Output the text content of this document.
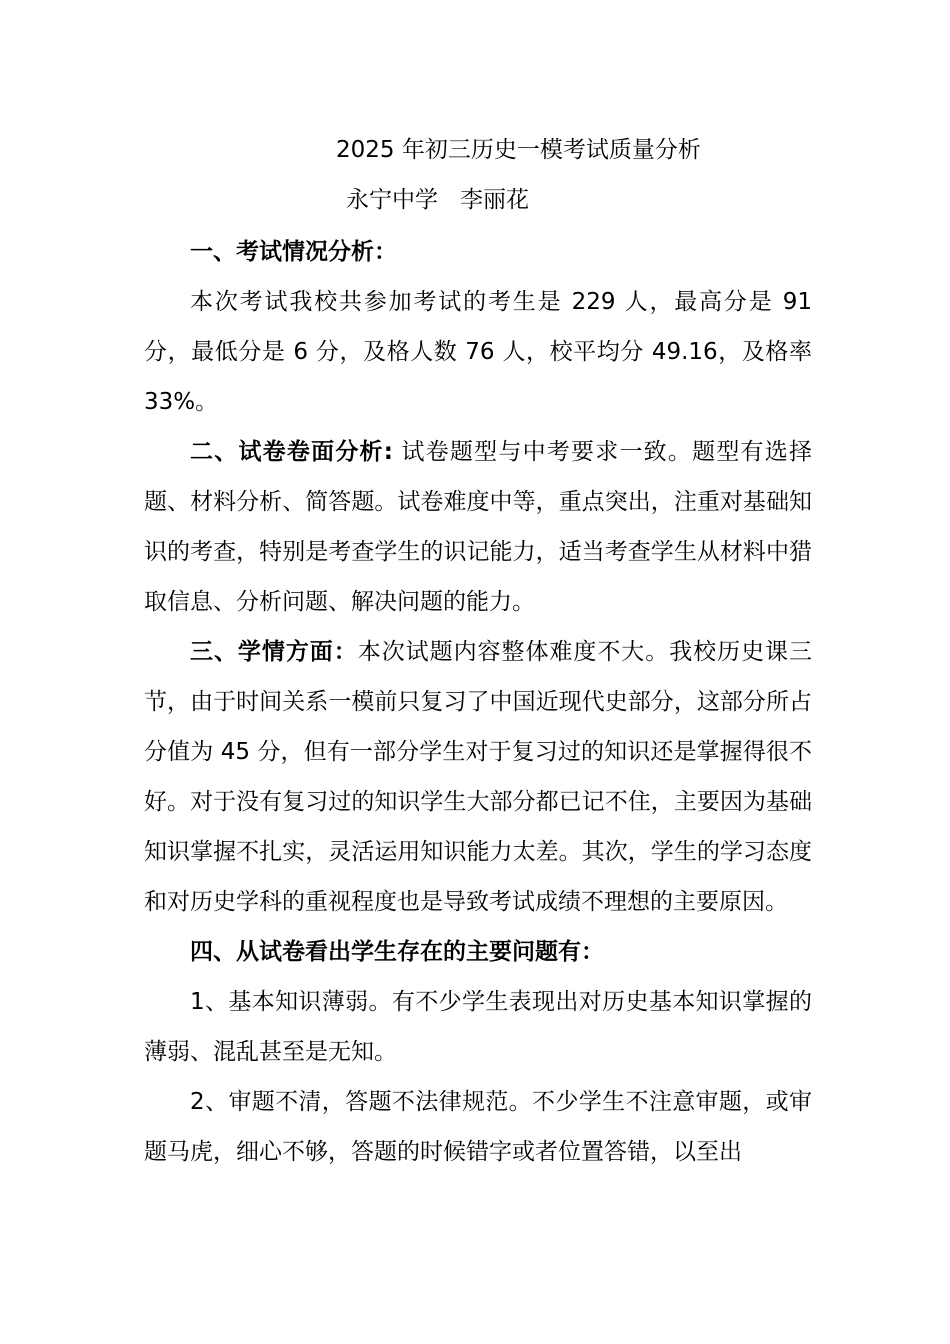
2025 年初三历史一模考试质量分析
永宁中学 李丽花

一、考试情况分析：

本次考试我校共参加考试的考生是 229 人，最高分是 91 分，最低分是 6 分，及格人数 76 人，校平均分 49.16，及格率 33%。

二、试卷卷面分析: 试卷题型与中考要求一致。题型有选择题、材料分析、简答题。试卷难度中等，重点突出，注重对基础知识的考查，特别是考查学生的识记能力，适当考查学生从材料中猎取信息、分析问题、解决问题的能力。

三、学情方面：本次试题内容整体难度不大。我校历史课三节，由于时间关系一模前只复习了中国近现代史部分，这部分所占分值为 45 分，但有一部分学生对于复习过的知识还是掌握得很不好。对于没有复习过的知识学生大部分都已记不住，主要因为基础知识掌握不扎实，灵活运用知识能力太差。其次，学生的学习态度和对历史学科的重视程度也是导致考试成绩不理想的主要原因。

四、从试卷看出学生存在的主要问题有：

1、基本知识薄弱。有不少学生表现出对历史基本知识掌握的薄弱、混乱甚至是无知。

2、审题不清，答题不法律规范。不少学生不注意审题，或审题马虎，细心不够，答题的时候错字或者位置答错，以至出
